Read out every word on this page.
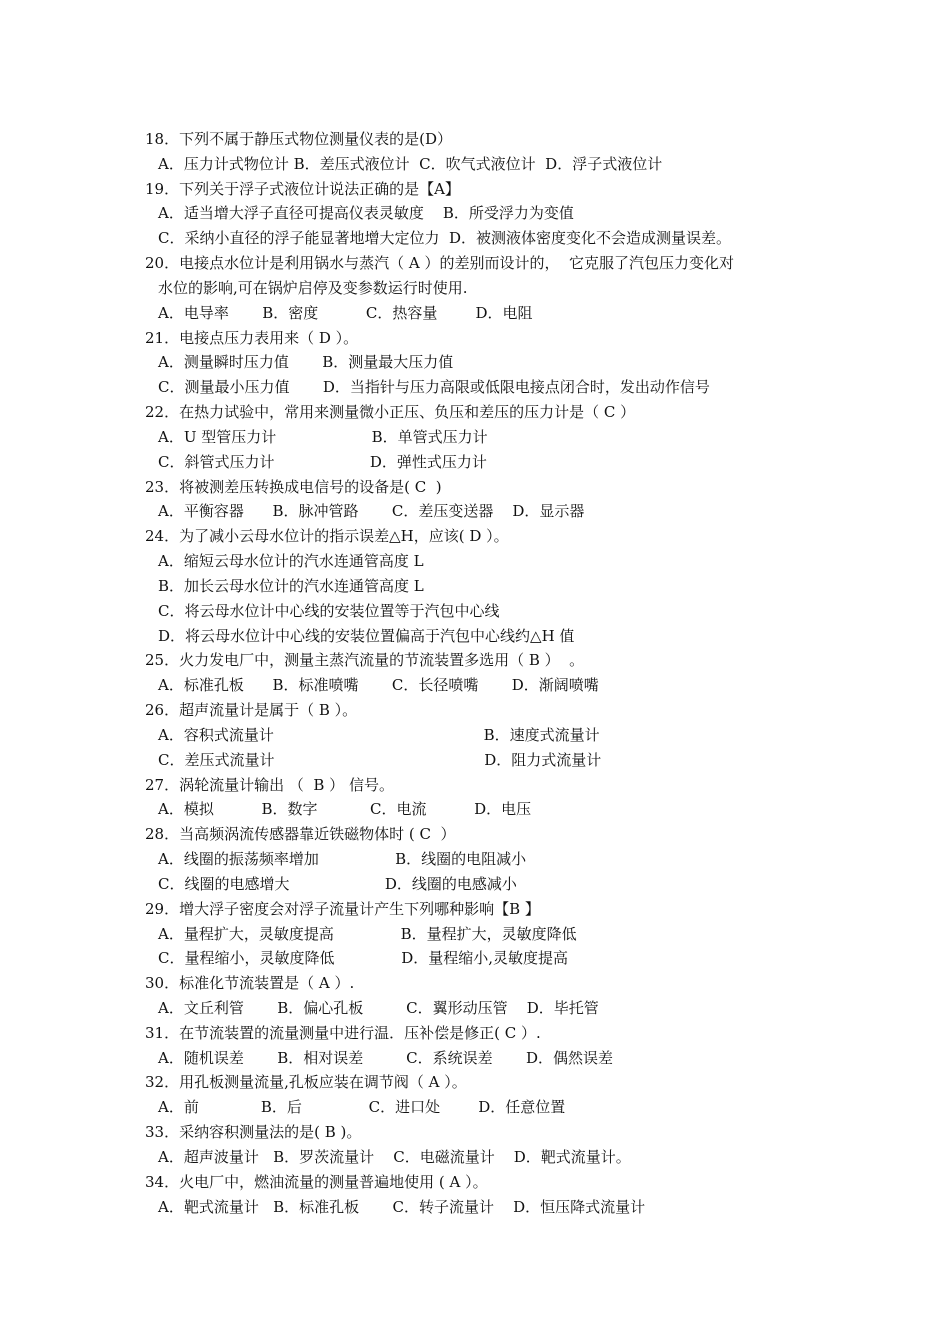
18．下列不属于静压式物位测量仪表的是(D）
A．压力计式物位计 B．差压式液位计  C．吹气式液位计  D．浮子式液位计
19．下列关于浮子式液位计说法正确的是【A】
A．适当增大浮子直径可提高仪表灵敏度    B．所受浮力为变值
C．采纳小直径的浮子能显著地增大定位力  D．被测液体密度变化不会造成测量误差。
20．电接点水位计是利用锅水与蒸汽（ A ）的差别而设计的，  它克服了汽包压力变化对
水位的影响,可在锅炉启停及变参数运行时使用.
A．电导率       B．密度          C．热容量        D．电阻
21．电接点压力表用来（ D ）。
A．测量瞬时压力值       B．测量最大压力值
C．测量最小压力值       D．当指针与压力高限或低限电接点闭合时，发出动作信号
22．在热力试验中，常用来测量微小正压、负压和差压的压力计是（ C ）
A．U 型管压力计                    B．单管式压力计
C．斜管式压力计                    D．弹性式压力计
23．将被测差压转换成电信号的设备是( C  )
A．平衡容器      B．脉冲管路       C．差压变送器    D．显示器
24．为了减小云母水位计的指示误差△H，应该( D ）。
A．缩短云母水位计的汽水连通管高度 L
B．加长云母水位计的汽水连通管高度 L
C．将云母水位计中心线的安装位置等于汽包中心线
D．将云母水位计中心线的安装位置偏高于汽包中心线约△H 值
25．火力发电厂中，测量主蒸汽流量的节流装置多选用（ B ）  。
A．标准孔板      B．标准喷嘴       C．长径喷嘴       D．渐阔喷嘴
26．超声流量计是属于（ B ）。
A．容积式流量计                                            B．速度式流量计
C．差压式流量计                                            D．阻力式流量计
27．涡轮流量计输出 （  B ） 信号。
A．模拟          B．数字           C．电流          D．电压
28．当高频涡流传感器靠近铁磁物体时 ( C  ）
A．线圈的振荡频率增加                B．线圈的电阻减小
C．线圈的电感增大                    D．线圈的电感减小
29．增大浮子密度会对浮子流量计产生下列哪种影响【B 】
A．量程扩大，灵敏度提高              B．量程扩大，灵敏度降低
C．量程缩小，灵敏度降低              D．量程缩小,灵敏度提高
30．标准化节流装置是（ A ）.
A．文丘利管       B．偏心孔板         C．翼形动压管    D．毕托管
31．在节流装置的流量测量中进行温．压补偿是修正( C ）.
A．随机误差       B．相对误差         C．系统误差       D．偶然误差
32．用孔板测量流量,孔板应装在调节阀（ A ）。
A．前             B．后              C．进口处        D．任意位置
33．采纳容积测量法的是( B )。
A．超声波量计   B．罗茨流量计    C．电磁流量计    D．靶式流量计。
34．火电厂中，燃油流量的测量普遍地使用 ( A ）。
A．靶式流量计   B．标准孔板       C．转子流量计    D．恒压降式流量计
